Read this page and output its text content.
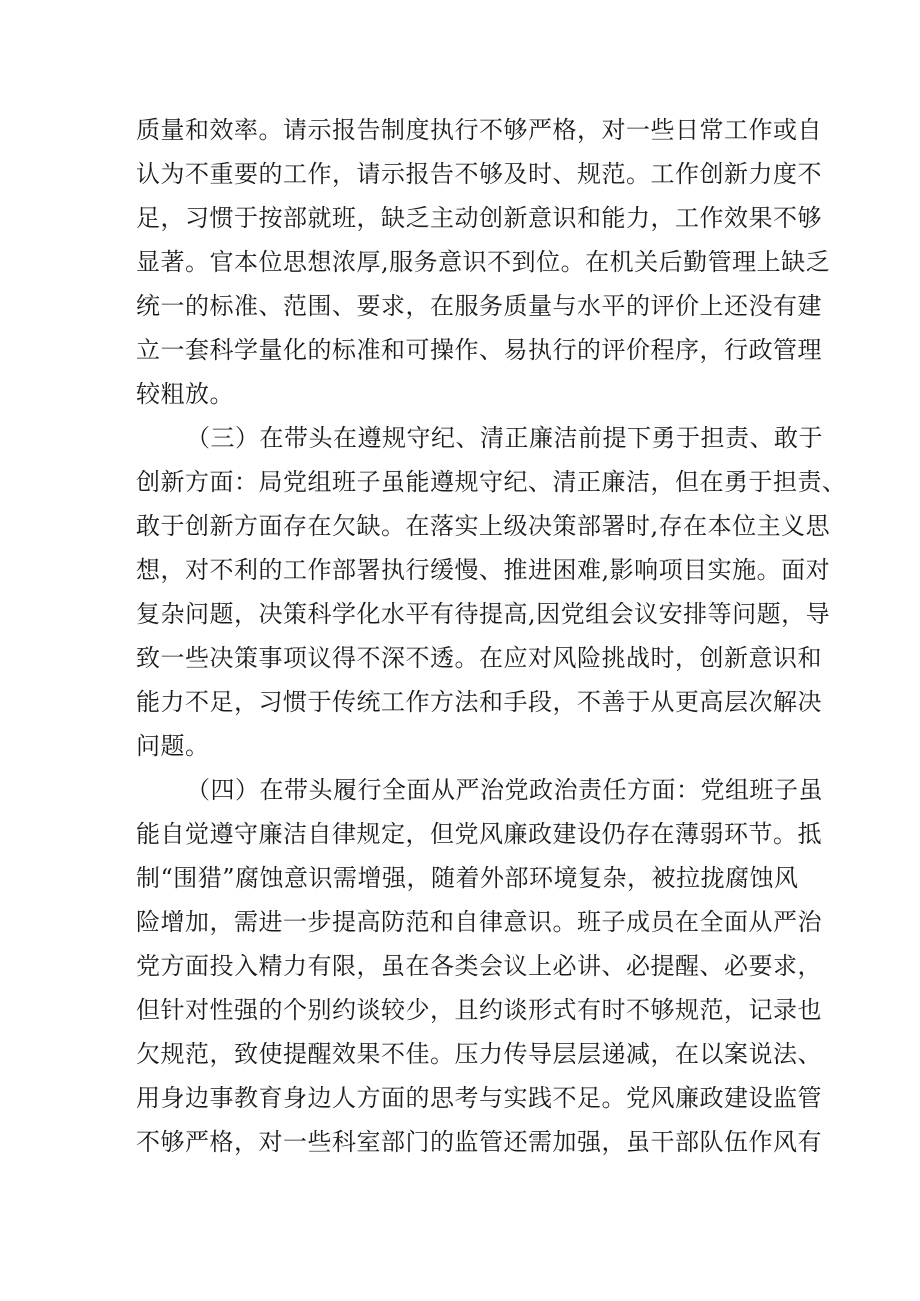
质量和效率。请示报告制度执行不够严格，对一些日常工作或自
认为不重要的工作，请示报告不够及时、规范。工作创新力度不
足，习惯于按部就班，缺乏主动创新意识和能力，工作效果不够
显著。官本位思想浓厚,服务意识不到位。在机关后勤管理上缺乏
统一的标准、范围、要求，在服务质量与水平的评价上还没有建
立一套科学量化的标准和可操作、易执行的评价程序，行政管理
较粗放。
（三）在带头在遵规守纪、清正廉洁前提下勇于担责、敢于
创新方面：局党组班子虽能遵规守纪、清正廉洁，但在勇于担责、
敢于创新方面存在欠缺。在落实上级决策部署时,存在本位主义思
想，对不利的工作部署执行缓慢、推进困难,影响项目实施。面对
复杂问题，决策科学化水平有待提高,因党组会议安排等问题，导
致一些决策事项议得不深不透。在应对风险挑战时，创新意识和
能力不足，习惯于传统工作方法和手段，不善于从更高层次解决
问题。
（四）在带头履行全面从严治党政治责任方面：党组班子虽
能自觉遵守廉洁自律规定，但党风廉政建设仍存在薄弱环节。抵
制“围猎”腐蚀意识需增强，随着外部环境复杂，被拉拢腐蚀风
险增加，需进一步提高防范和自律意识。班子成员在全面从严治
党方面投入精力有限，虽在各类会议上必讲、必提醒、必要求，
但针对性强的个别约谈较少，且约谈形式有时不够规范，记录也
欠规范，致使提醒效果不佳。压力传导层层递减，在以案说法、
用身边事教育身边人方面的思考与实践不足。党风廉政建设监管
不够严格，对一些科室部门的监管还需加强，虽干部队伍作风有
